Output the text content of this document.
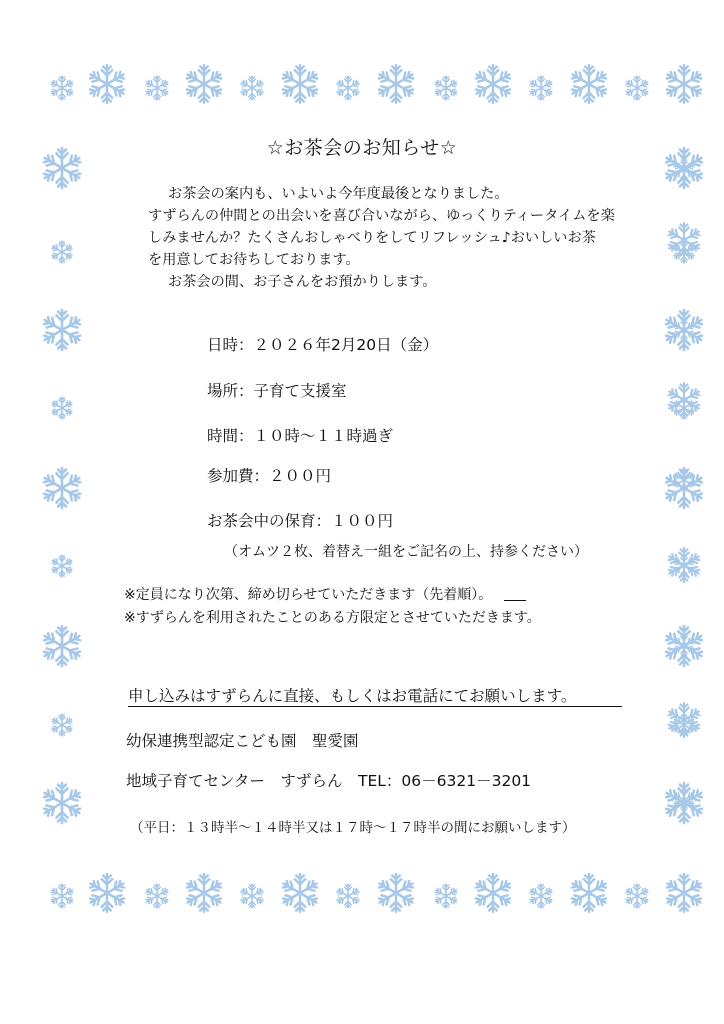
☆お茶会のお知らせ☆

お茶会の案内も、いよいよ今年度最後となりました。

すずらんの仲間との出会いを喜び合いながら、ゆっくりティータイムを楽

しみませんか？たくさんおしゃべりをしてリフレッシュ♪おいしいお茶

を用意してお待ちしております。

お茶会の間、お子さんをお預かりします。

日時：２０２６年2月20日（金）
場所：子育て支援室
時間：１０時～１１時過ぎ
参加費：２００円
お茶会中の保育：１００円
（オムツ２枚、着替え一組をご記名の上、持参ください）
※定員になり次第、締め切らせていただきます（先着順）。
※すずらんを利用されたことのある方限定とさせていただきます。
申し込みはすずらんに直接、もしくはお電話にてお願いします。
幼保連携型認定こども園　聖愛園
地域子育てセンター　すずらん　TEL：06－6321－3201
（平日：１３時半～１４時半又は１７時～１７時半の間にお願いします）
